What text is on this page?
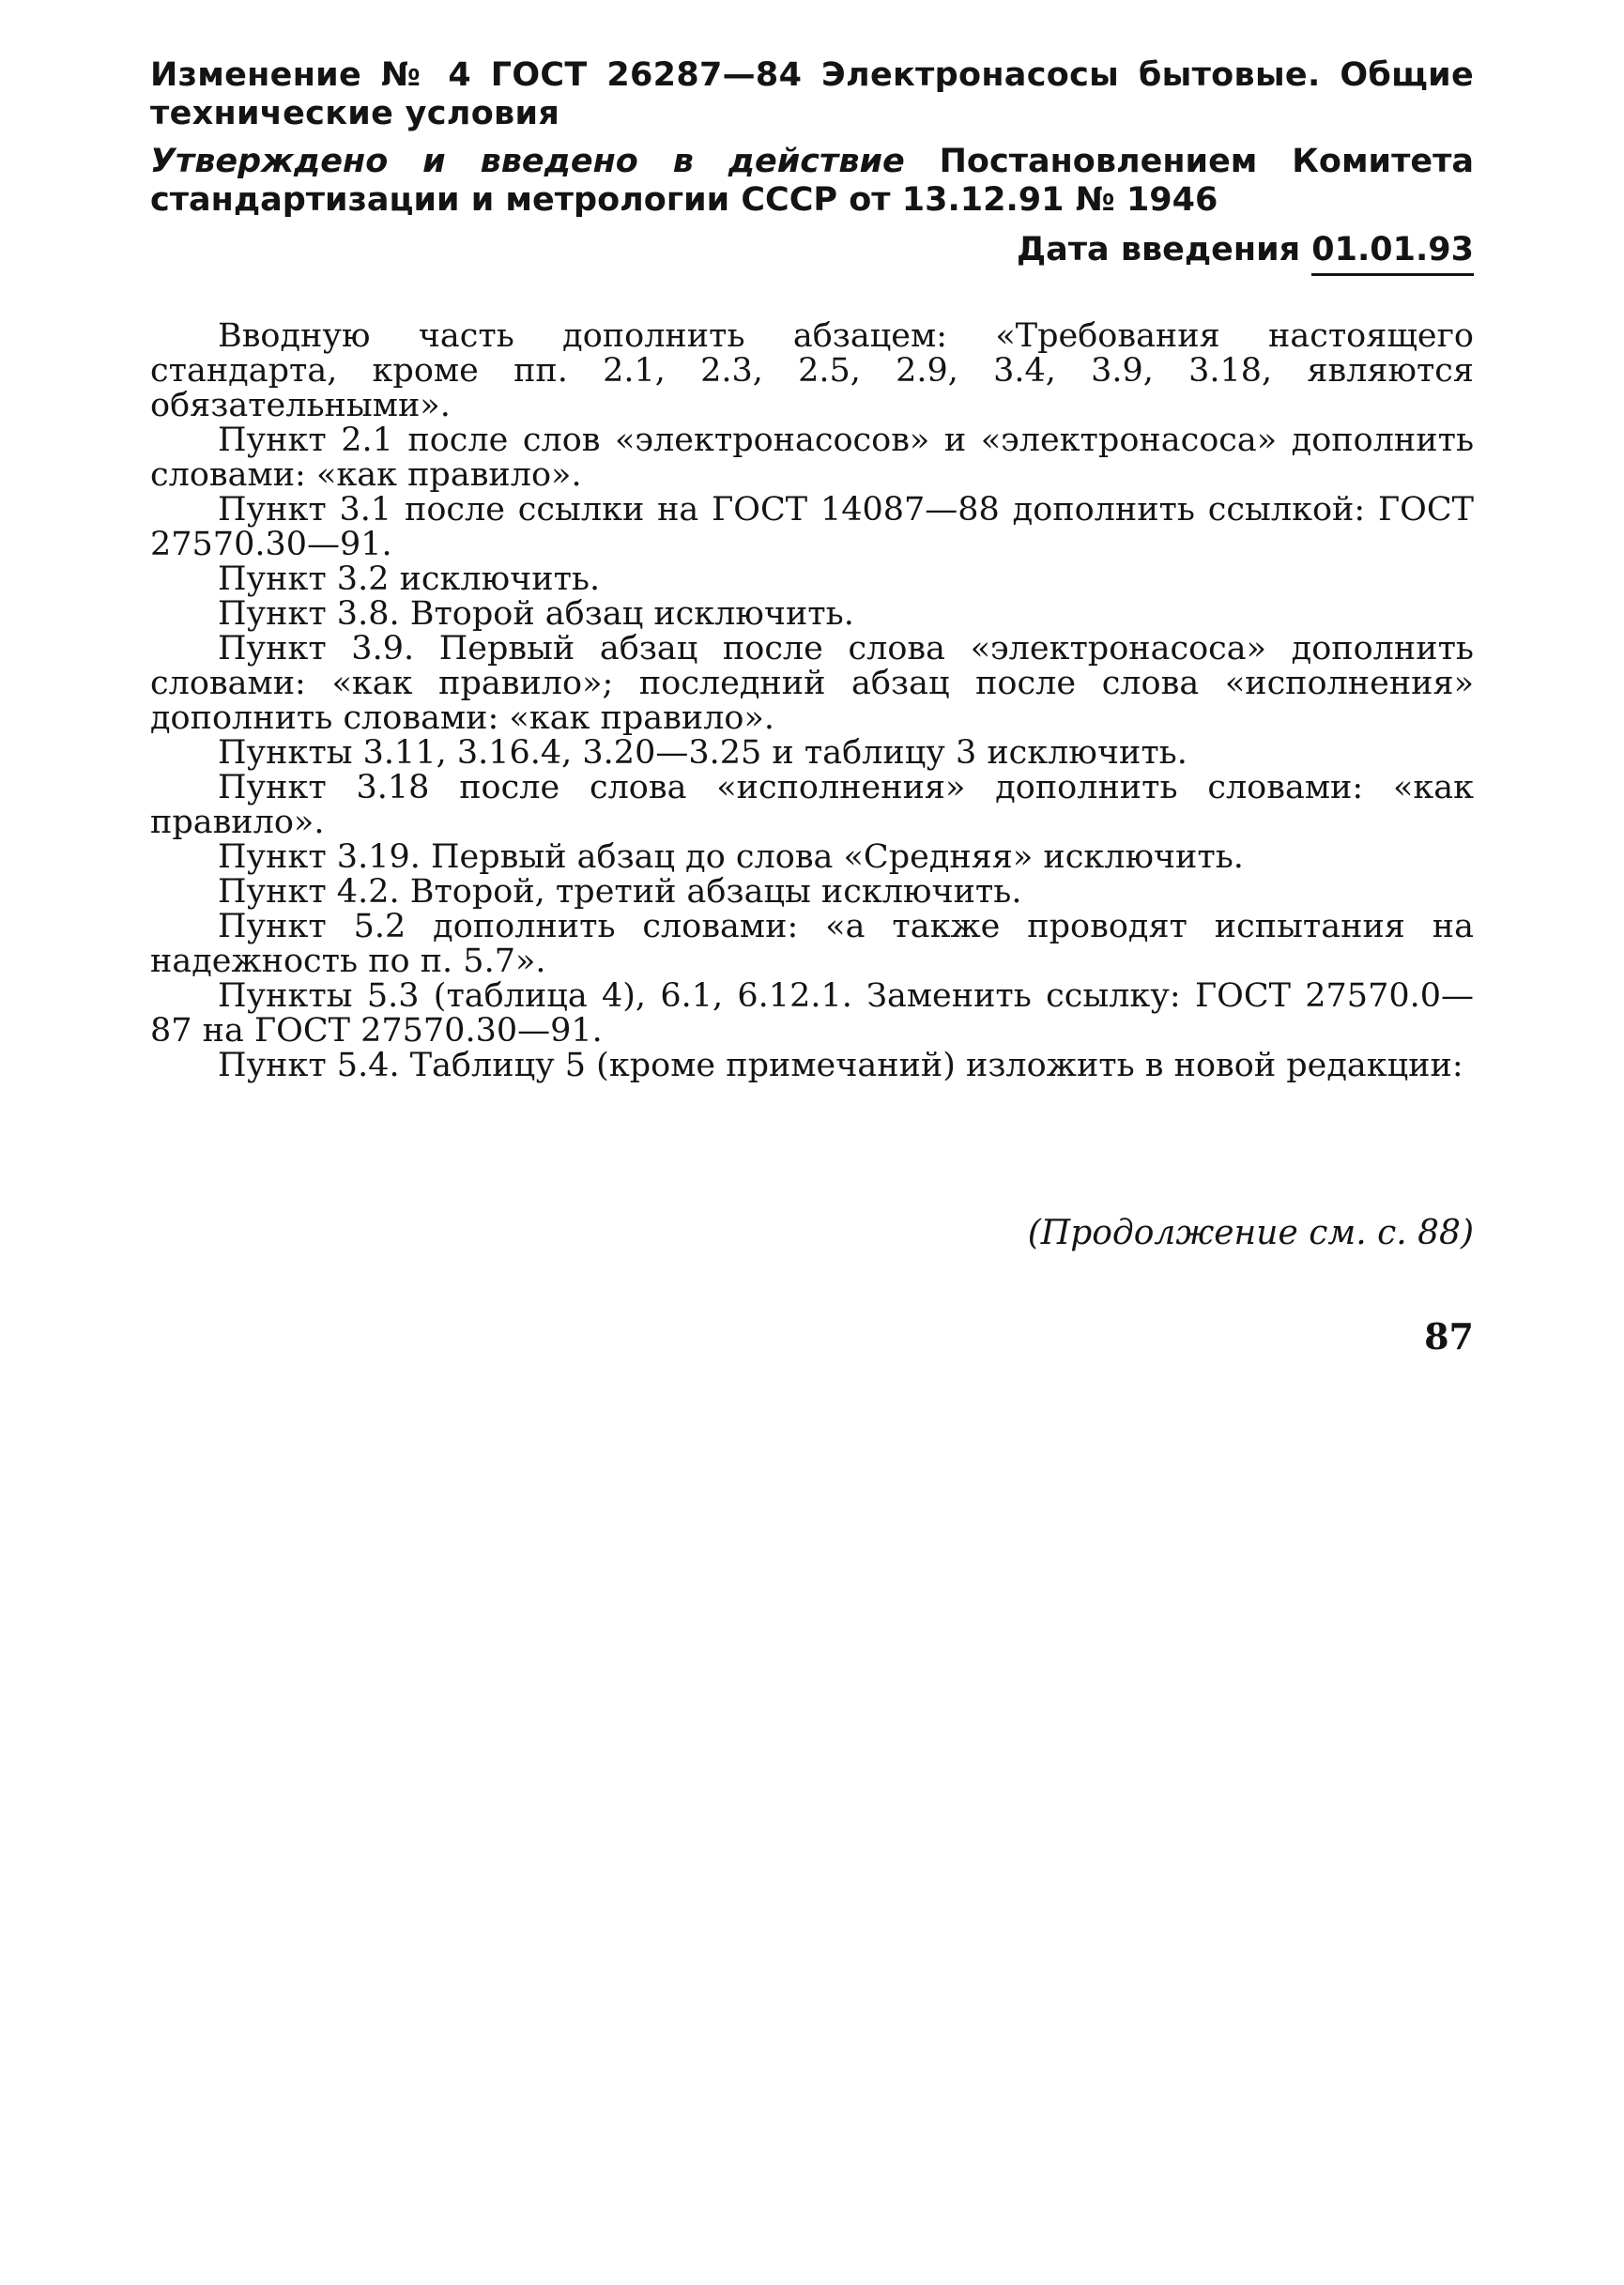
Изменение № 4 ГОСТ 26287—84 Электронасосы бытовые. Общие технические условия
Утверждено и введено в действие Постановлением Комитета стандартизации и метрологии СССР от 13.12.91 № 1946
Дата введения 01.01.93

Вводную часть дополнить абзацем: «Требования настоящего стандарта, кроме пп. 2.1, 2.3, 2.5, 2.9, 3.4, 3.9, 3.18, являются обязательными».

Пункт 2.1 после слов «электронасосов» и «электронасоса» дополнить словами: «как правило».

Пункт 3.1 после ссылки на ГОСТ 14087—88 дополнить ссылкой: ГОСТ 27570.30—91.

Пункт 3.2 исключить.

Пункт 3.8. Второй абзац исключить.

Пункт 3.9. Первый абзац после слова «электронасоса» дополнить словами: «как правило»; последний абзац после слова «исполнения» дополнить словами: «как правило».

Пункты 3.11, 3.16.4, 3.20—3.25 и таблицу 3 исключить.

Пункт 3.18 после слова «исполнения» дополнить словами: «как правило».

Пункт 3.19. Первый абзац до слова «Средняя» исключить.

Пункт 4.2. Второй, третий абзацы исключить.

Пункт 5.2 дополнить словами: «а также проводят испытания на надежность по п. 5.7».

Пункты 5.3 (таблица 4), 6.1, 6.12.1. Заменить ссылку: ГОСТ 27570.0—87 на ГОСТ 27570.30—91.

Пункт 5.4. Таблицу 5 (кроме примечаний) изложить в новой редакции:

(Продолжение см. с. 88)
87
